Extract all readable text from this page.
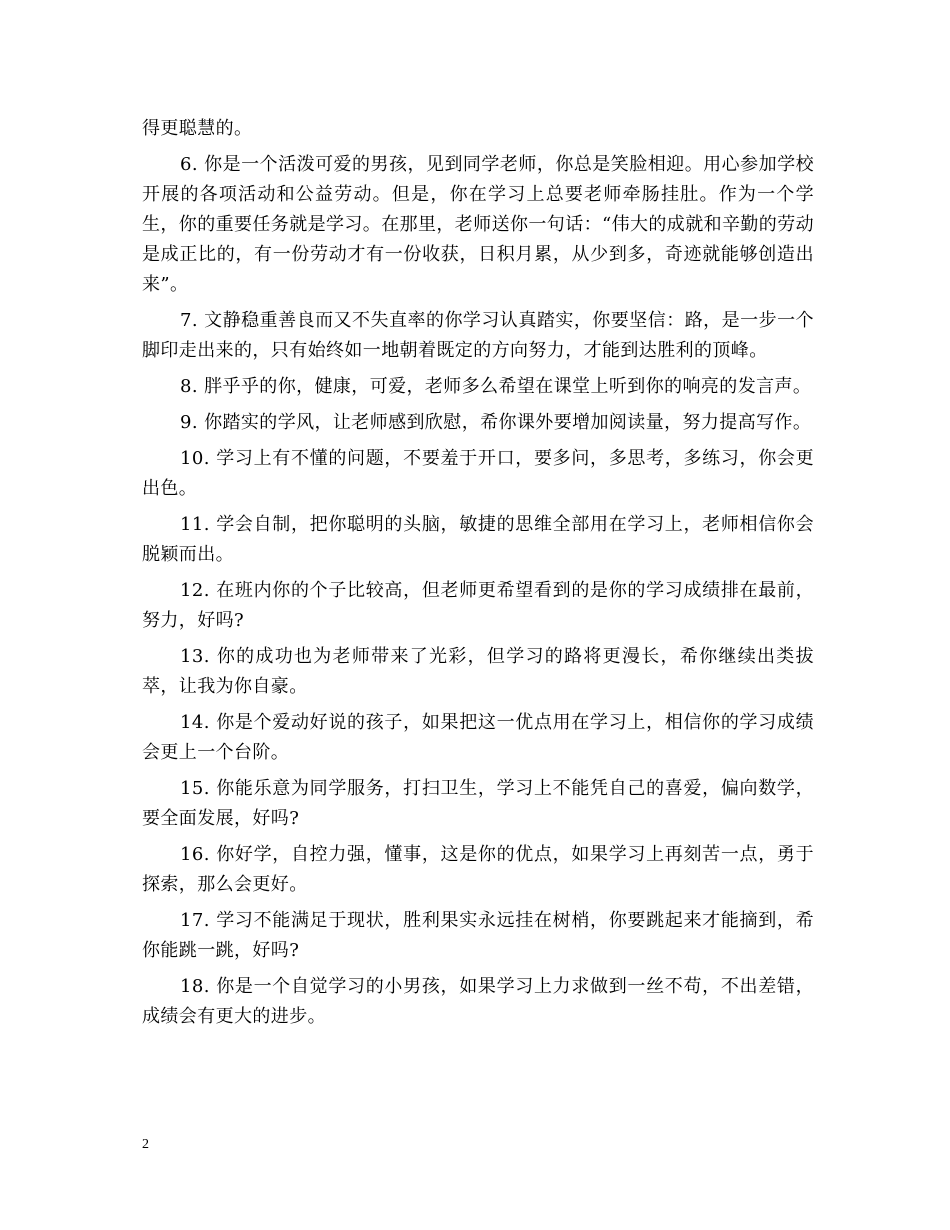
得更聪慧的。

6. 你是一个活泼可爱的男孩，见到同学老师，你总是笑脸相迎。用心参加学校开展的各项活动和公益劳动。但是，你在学习上总要老师牵肠挂肚。作为一个学生，你的重要任务就是学习。在那里，老师送你一句话：“伟大的成就和辛勤的劳动是成正比的，有一份劳动才有一份收获，日积月累，从少到多，奇迹就能够创造出来”。

7. 文静稳重善良而又不失直率的你学习认真踏实，你要坚信：路，是一步一个脚印走出来的，只有始终如一地朝着既定的方向努力，才能到达胜利的顶峰。

8. 胖乎乎的你，健康，可爱，老师多么希望在课堂上听到你的响亮的发言声。

9. 你踏实的学风，让老师感到欣慰，希你课外要增加阅读量，努力提高写作。

10. 学习上有不懂的问题，不要羞于开口，要多问，多思考，多练习，你会更出色。

11. 学会自制，把你聪明的头脑，敏捷的思维全部用在学习上，老师相信你会脱颖而出。

12. 在班内你的个子比较高，但老师更希望看到的是你的学习成绩排在最前，努力，好吗?

13. 你的成功也为老师带来了光彩，但学习的路将更漫长，希你继续出类拔萃，让我为你自豪。

14. 你是个爱动好说的孩子，如果把这一优点用在学习上，相信你的学习成绩会更上一个台阶。

15. 你能乐意为同学服务，打扫卫生，学习上不能凭自己的喜爱，偏向数学，要全面发展，好吗?

16. 你好学，自控力强，懂事，这是你的优点，如果学习上再刻苦一点，勇于探索，那么会更好。

17. 学习不能满足于现状，胜利果实永远挂在树梢，你要跳起来才能摘到，希你能跳一跳，好吗?

18. 你是一个自觉学习的小男孩，如果学习上力求做到一丝不苟，不出差错，成绩会有更大的进步。

2
